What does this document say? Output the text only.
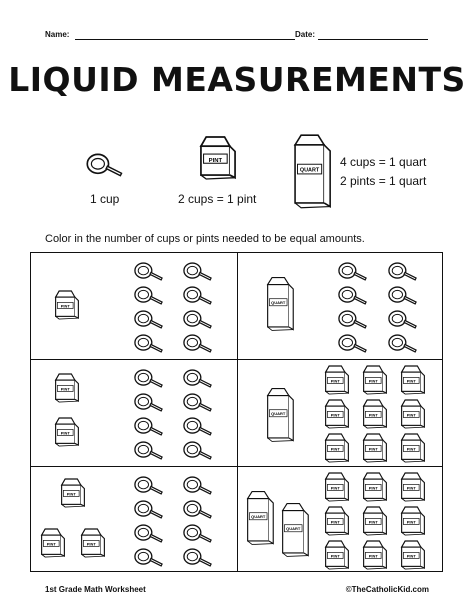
Name:	Date:
LIQUID MEASUREMENTS
1 cup
PINT
2 cups = 1 pint
QUART
4 cups = 1 quart
2 pints = 1 quart
Color in the number of cups or pints needed to be equal amounts.
PINT
QUART
PINT
PINT
QUART
PINT	PINT	PINT
PINT	PINT	PINT
PINT	PINT	PINT
PINT
PINT	PINT
QUART
QUART
PINT	PINT	PINT
PINT	PINT	PINT
PINT	PINT	PINT
1st Grade Math Worksheet	©TheCatholicKid.com
